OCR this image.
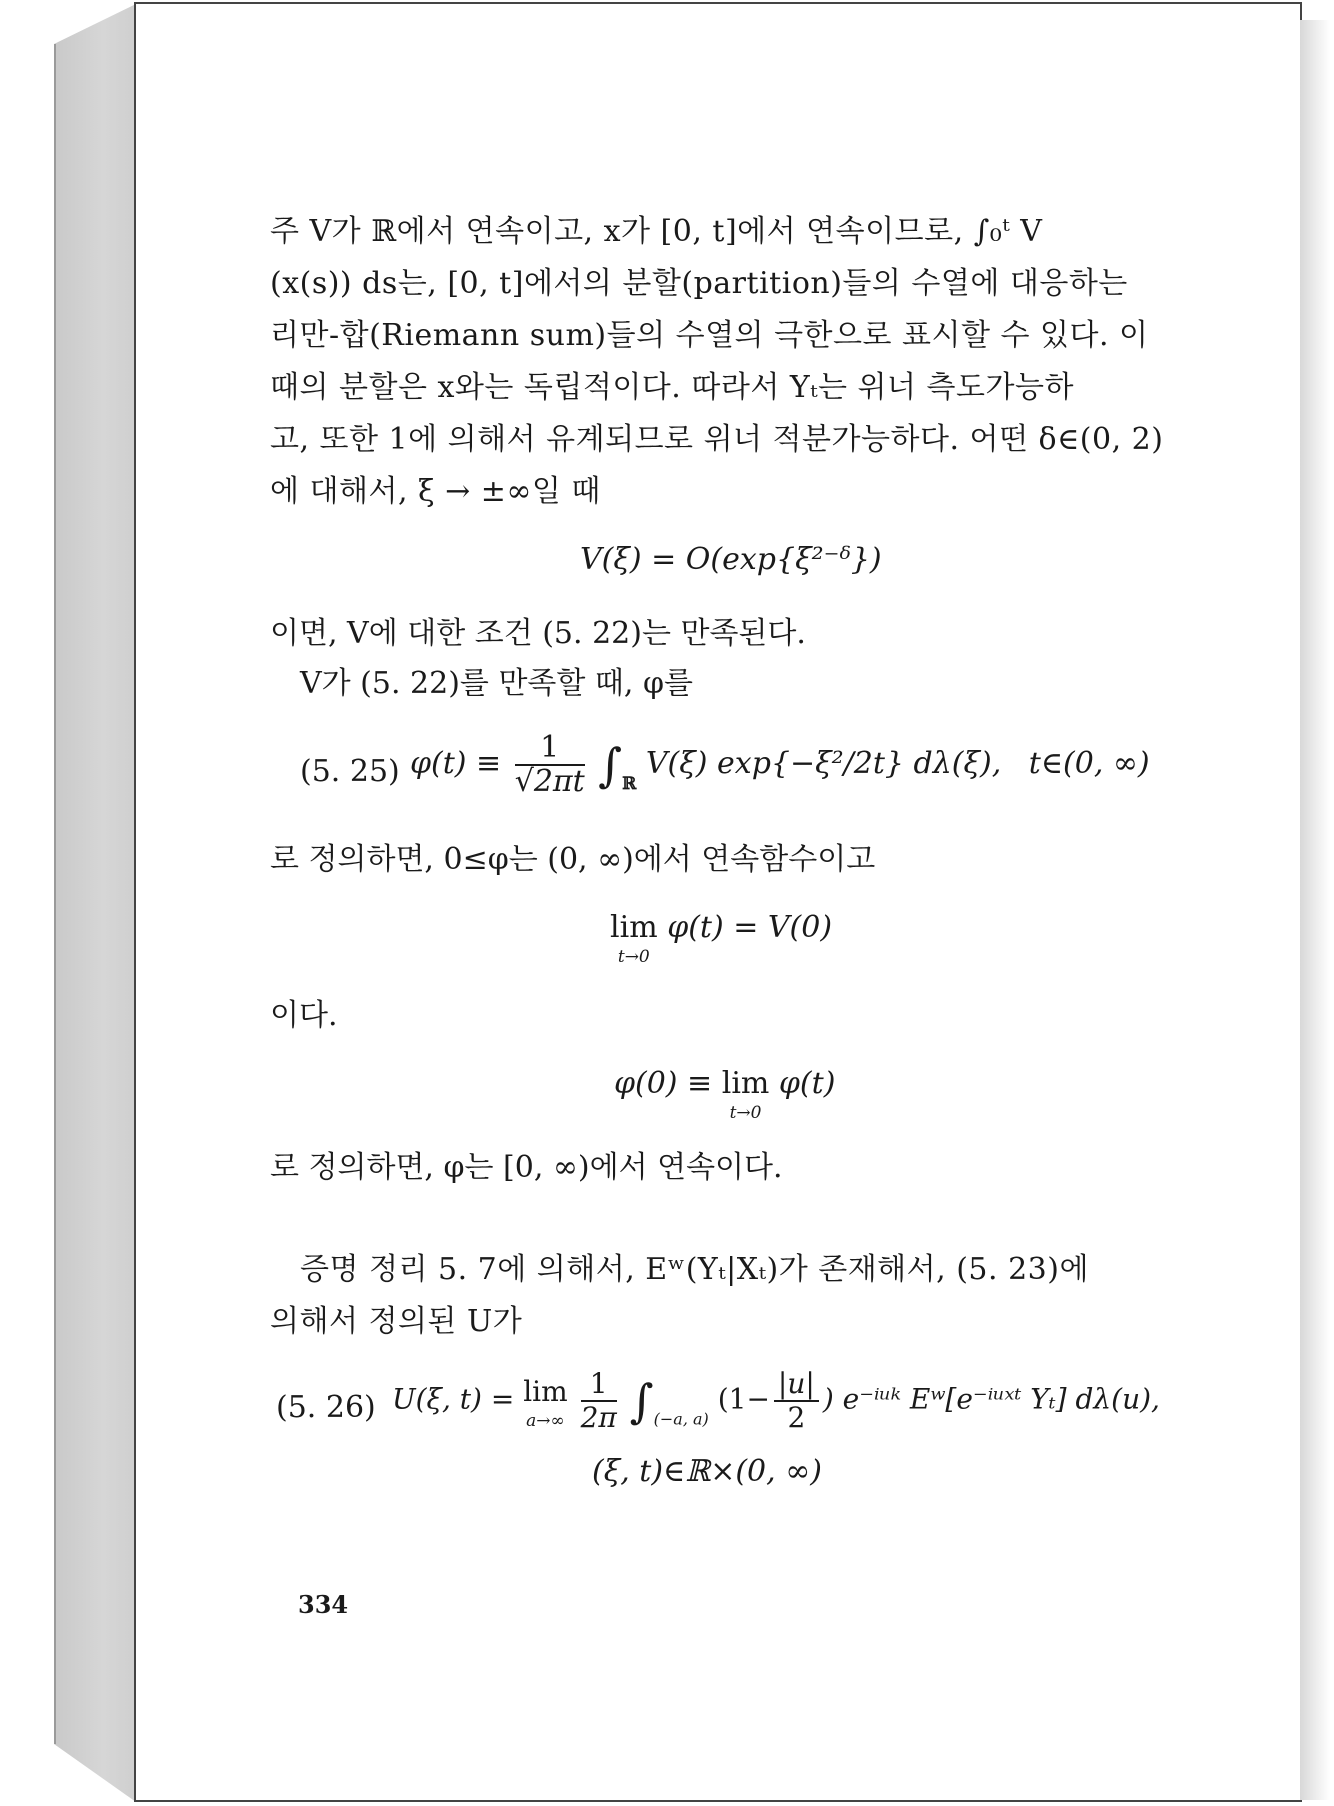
주 V가 ℝ에서 연속이고, x가 [0, t]에서 연속이므로, ∫₀ᵗ V
(x(s)) ds는, [0, t]에서의 분할(partition)들의 수열에 대응하는
리만-합(Riemann sum)들의 수열의 극한으로 표시할 수 있다. 이
때의 분할은 x와는 독립적이다. 따라서 Yₜ는 위너 측도가능하
고, 또한 1에 의해서 유계되므로 위너 적분가능하다. 어떤 δ∈(0, 2)
에 대해서, ξ → ±∞일 때
V(ξ) = O(exp{ξ²⁻ᵟ})
이면, V에 대한 조건 (5. 22)는 만족된다.
V가 (5. 22)를 만족할 때, φ를
(5. 25) $\varphi(t) \equiv \frac{1}{√2\pi t} \int_ℝ$ V(ξ) exp{−ξ²/2t} dλ(ξ), t∈(0, ∞)
로 정의하면, 0≤φ는 (0, ∞)에서 연속함수이고
lim
t→0
φ(t) = V(0)
이다.
φ(0) ≡ lim
t→0
φ(t)
로 정의하면, φ는 [0, ∞)에서 연속이다.
증명 정리 5. 7에 의해서, Eʷ(Yₜ|Xₜ)가 존재해서, (5. 23)에
의해서 정의된 U가
(5. 26) U(ξ, t) = lim
a→∞
$\frac{1}{2\pi} \int_{(-a, a)}$ ($1- \frac{|u|}{2}$ ) e⁻ⁱᵘᵏ Eʷ[e⁻ⁱᵘˣᵗ Yₜ] dλ(u),
(ξ, t)∈ℝ×(0, ∞)
334
